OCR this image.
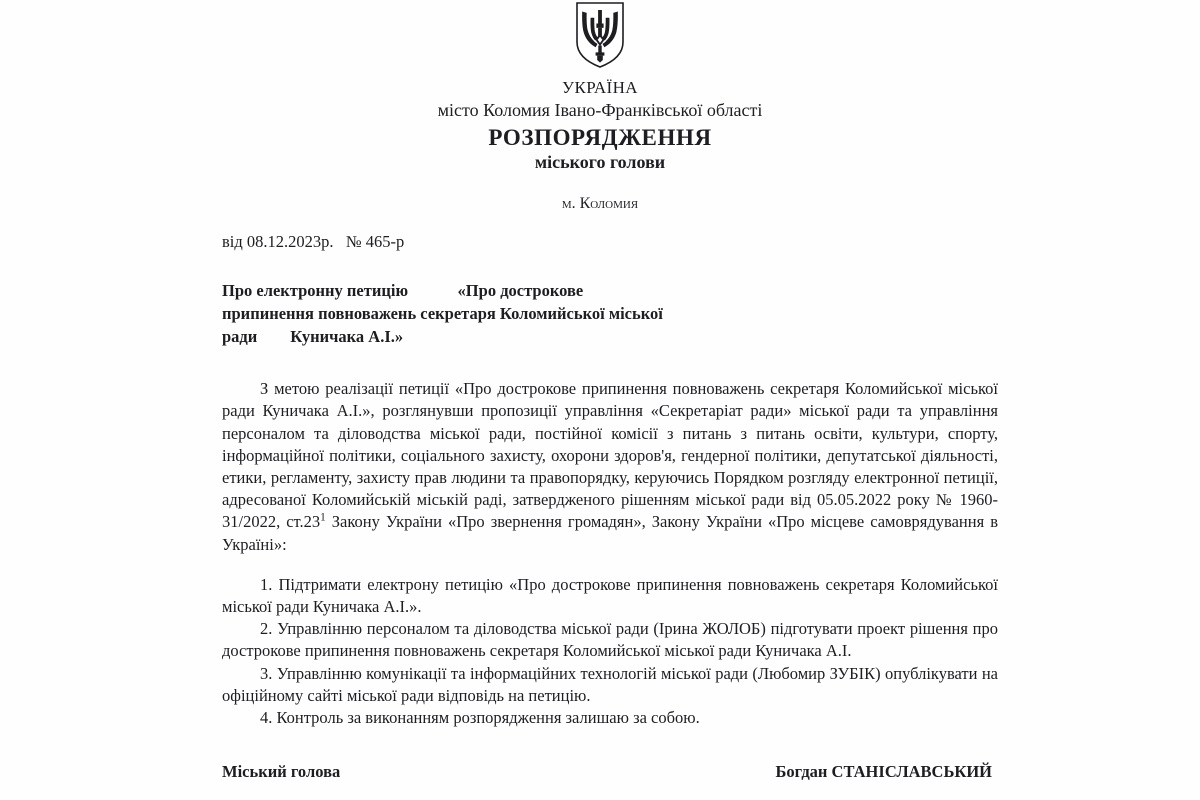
УКРАЇНА
місто Коломия Івано-Франківської області
РОЗПОРЯДЖЕННЯ
міського голови
м. Коломия
від 08.12.2023р.   № 465-р
Про електронну петицію            «Про дострокове припинення повноважень секретаря Коломийської міської ради        Куничака А.І.»

З метою реалізації петиції «Про дострокове припинення повноважень секретаря Коломийської міської ради Куничака А.І.», розглянувши пропозиції управління «Секретаріат ради» міської ради та управління персоналом та діловодства міської ради, постійної комісії з питань з питань освіти, культури, спорту, інформаційної політики, соціального захисту, охорони здоров'я, гендерної політики, депутатської діяльності, етики, регламенту, захисту прав людини та правопорядку, керуючись Порядком розгляду електронної петиції, адресованої Коломийській міській раді, затвердженого рішенням міської ради від 05.05.2022 року № 1960-31/2022, $ст.23^1$ Закону України «Про звернення громадян», Закону України «Про місцеве самоврядування в Україні»:

1. Підтримати електрону петицію «Про дострокове припинення повноважень секретаря Коломийської міської ради Куничака А.І.».

2. Управлінню персоналом та діловодства міської ради (Ірина ЖОЛОБ) підготувати проект рішення про дострокове припинення повноважень секретаря Коломийської міської ради Куничака А.І.

3. Управлінню комунікації та інформаційних технологій міської ради (Любомир ЗУБІК) опублікувати на офіційному сайті міської ради відповідь на петицію.

4. Контроль за виконанням розпорядження залишаю за собою.

Міський голова	Богдан СТАНІСЛАВСЬКИЙ
